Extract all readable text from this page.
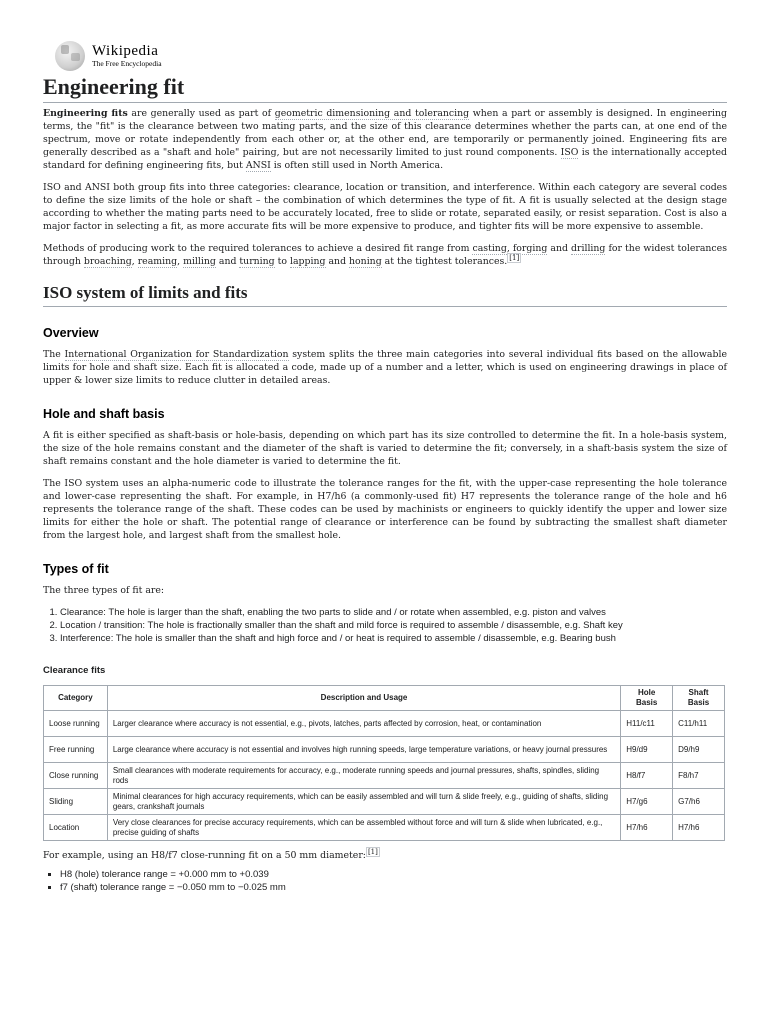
Wikipedia
The Free Encyclopedia
Engineering fit

Engineering fits are generally used as part of geometric dimensioning and tolerancing when a part or assembly is designed. In engineering terms, the "fit" is the clearance between two mating parts, and the size of this clearance determines whether the parts can, at one end of the spectrum, move or rotate independently from each other or, at the other end, are temporarily or permanently joined. Engineering fits are generally described as a "shaft and hole" pairing, but are not necessarily limited to just round components. ISO is the internationally accepted standard for defining engineering fits, but ANSI is often still used in North America.

ISO and ANSI both group fits into three categories: clearance, location or transition, and interference. Within each category are several codes to define the size limits of the hole or shaft – the combination of which determines the type of fit. A fit is usually selected at the design stage according to whether the mating parts need to be accurately located, free to slide or rotate, separated easily, or resist separation. Cost is also a major factor in selecting a fit, as more accurate fits will be more expensive to produce, and tighter fits will be more expensive to assemble.

Methods of producing work to the required tolerances to achieve a desired fit range from casting, forging and drilling for the widest tolerances through broaching, reaming, milling and turning to lapping and honing at the tightest tolerances. [1]

ISO system of limits and fits
Overview

The International Organization for Standardization system splits the three main categories into several individual fits based on the allowable limits for hole and shaft size. Each fit is allocated a code, made up of a number and a letter, which is used on engineering drawings in place of upper & lower size limits to reduce clutter in detailed areas.

Hole and shaft basis

A fit is either specified as shaft-basis or hole-basis, depending on which part has its size controlled to determine the fit. In a hole-basis system, the size of the hole remains constant and the diameter of the shaft is varied to determine the fit; conversely, in a shaft-basis system the size of shaft remains constant and the hole diameter is varied to determine the fit.

The ISO system uses an alpha-numeric code to illustrate the tolerance ranges for the fit, with the upper-case representing the hole tolerance and lower-case representing the shaft. For example, in H7/h6 (a commonly-used fit) H7 represents the tolerance range of the hole and h6 represents the tolerance range of the shaft. These codes can be used by machinists or engineers to quickly identify the upper and lower size limits for either the hole or shaft. The potential range of clearance or interference can be found by subtracting the smallest shaft diameter from the largest hole, and largest shaft from the smallest hole.

Types of fit

The three types of fit are:

1. Clearance: The hole is larger than the shaft, enabling the two parts to slide and / or rotate when assembled, e.g. piston and valves
2. Location / transition: The hole is fractionally smaller than the shaft and mild force is required to assemble / disassemble, e.g. Shaft key
3. Interference: The hole is smaller than the shaft and high force and / or heat is required to assemble / disassemble, e.g. Bearing bush
Clearance fits
Category	Description and Usage	Hole Basis	Shaft Basis
Loose running	Larger clearance where accuracy is not essential, e.g., pivots, latches, parts affected by corrosion, heat, or contamination	H11/c11	C11/h11
Free running	Large clearance where accuracy is not essential and involves high running speeds, large temperature variations, or heavy journal pressures	H9/d9	D9/h9
Close running	Small clearances with moderate requirements for accuracy, e.g., moderate running speeds and journal pressures, shafts, spindles, sliding rods	H8/f7	F8/h7
Sliding	Minimal clearances for high accuracy requirements, which can be easily assembled and will turn & slide freely, e.g., guiding of shafts, sliding gears, crankshaft journals	H7/g6	G7/h6
Location	Very close clearances for precise accuracy requirements, which can be assembled without force and will turn & slide when lubricated, e.g., precise guiding of shafts	H7/h6	H7/h6

For example, using an H8/f7 close-running fit on a 50 mm diameter: [1]

▪ H8 (hole) tolerance range = +0.000 mm to +0.039
▪ f7 (shaft) tolerance range = −0.050 mm to −0.025 mm
